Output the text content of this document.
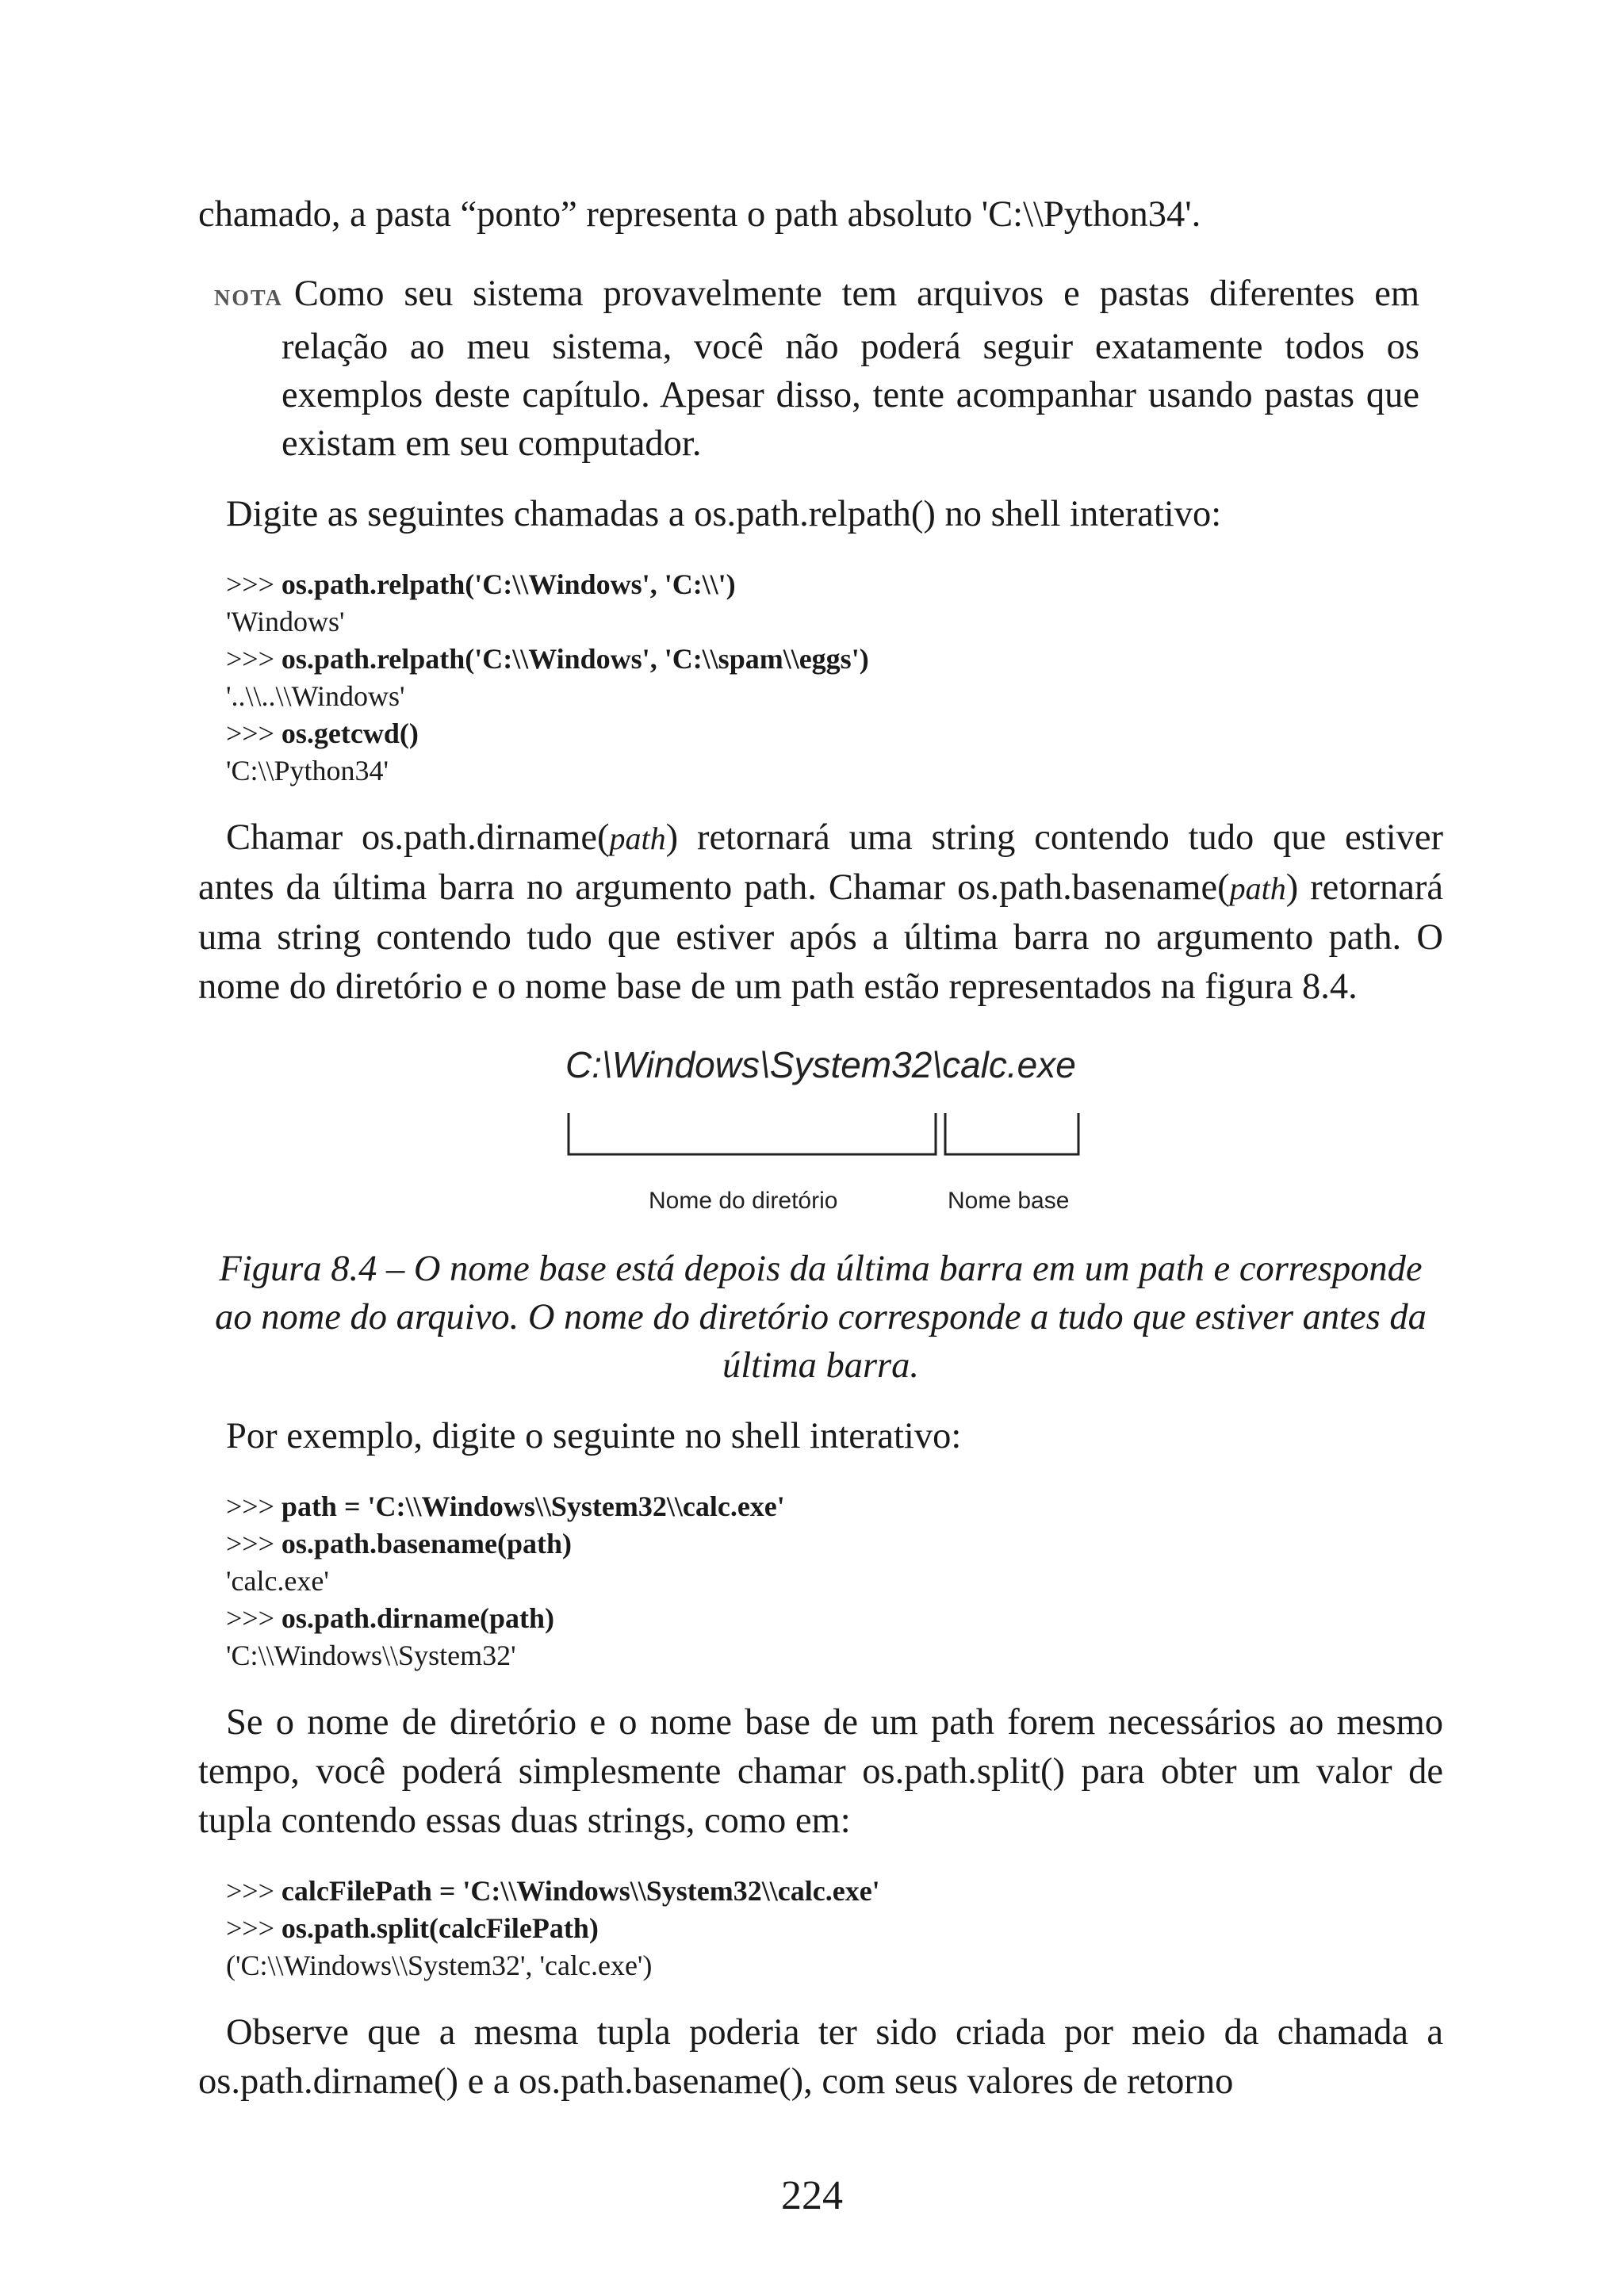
chamado, a pasta “ponto” representa o path absoluto 'C:\\Python34'.

NOTA Como seu sistema provavelmente tem arquivos e pastas diferentes em relação ao meu sistema, você não poderá seguir exatamente todos os exemplos deste capítulo. Apesar disso, tente acompanhar usando pastas que existam em seu computador.

Digite as seguintes chamadas a os.path.relpath() no shell interativo:

>>> os.path.relpath('C:\\Windows', 'C:\\')
'Windows'
>>> os.path.relpath('C:\\Windows', 'C:\\spam\\eggs')
'..\\..\\Windows'
>>> os.getcwd()
'C:\\Python34'

Chamar os.path.dirname(path) retornará uma string contendo tudo que estiver antes da última barra no argumento path. Chamar os.path.basename(path) retornará uma string contendo tudo que estiver após a última barra no argumento path. O nome do diretório e o nome base de um path estão representados na figura 8.4.

C:\Windows\System32\calc.exe
Nome do diretório	Nome base

Figura 8.4 – O nome base está depois da última barra em um path e corresponde ao nome do arquivo. O nome do diretório corresponde a tudo que estiver antes da última barra.

Por exemplo, digite o seguinte no shell interativo:

>>> path = 'C:\\Windows\\System32\\calc.exe'
>>> os.path.basename(path)
'calc.exe'
>>> os.path.dirname(path)
'C:\\Windows\\System32'

Se o nome de diretório e o nome base de um path forem necessários ao mesmo tempo, você poderá simplesmente chamar os.path.split() para obter um valor de tupla contendo essas duas strings, como em:

>>> calcFilePath = 'C:\\Windows\\System32\\calc.exe'
>>> os.path.split(calcFilePath)
('C:\\Windows\\System32', 'calc.exe')

Observe que a mesma tupla poderia ter sido criada por meio da chamada a os.path.dirname() e a os.path.basename(), com seus valores de retorno

224
